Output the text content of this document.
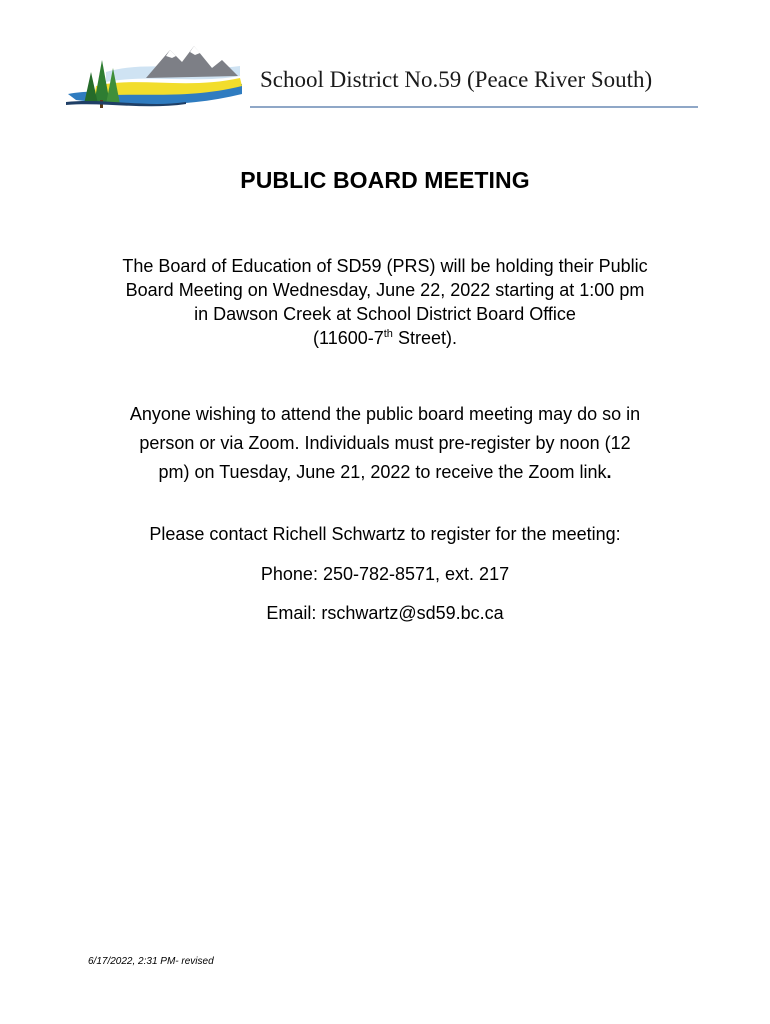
School District No.59 (Peace River South)
PUBLIC BOARD MEETING
The Board of Education of SD59 (PRS) will be holding their Public
Board Meeting on Wednesday, June 22, 2022 starting at 1:00 pm
in Dawson Creek at School District Board Office
(11600-7th Street).
Anyone wishing to attend the public board meeting may do so in
person or via Zoom. Individuals must pre-register by noon (12
pm) on Tuesday, June 21, 2022 to receive the Zoom link.
Please contact Richell Schwartz to register for the meeting:
Phone: 250-782-8571, ext. 217
Email: rschwartz@sd59.bc.ca
6/17/2022, 2:31 PM- revised
